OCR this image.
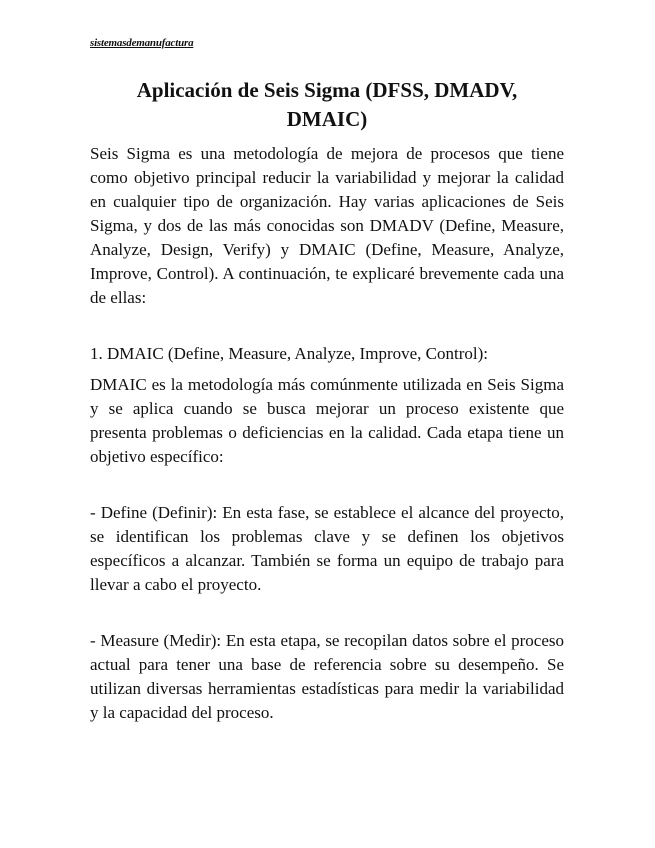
sistemasdemanufactura
Aplicación de Seis Sigma (DFSS, DMADV, DMAIC)

Seis Sigma es una metodología de mejora de procesos que tiene como objetivo principal reducir la variabilidad y mejorar la calidad en cualquier tipo de organización. Hay varias aplicaciones de Seis Sigma, y dos de las más conocidas son DMADV (Define, Measure, Analyze, Design, Verify) y DMAIC (Define, Measure, Analyze, Improve, Control). A continuación, te explicaré brevemente cada una de ellas:

1. DMAIC (Define, Measure, Analyze, Improve, Control):

DMAIC es la metodología más comúnmente utilizada en Seis Sigma y se aplica cuando se busca mejorar un proceso existente que presenta problemas o deficiencias en la calidad. Cada etapa tiene un objetivo específico:

- Define (Definir): En esta fase, se establece el alcance del proyecto, se identifican los problemas clave y se definen los objetivos específicos a alcanzar. También se forma un equipo de trabajo para llevar a cabo el proyecto.

- Measure (Medir): En esta etapa, se recopilan datos sobre el proceso actual para tener una base de referencia sobre su desempeño. Se utilizan diversas herramientas estadísticas para medir la variabilidad y la capacidad del proceso.
